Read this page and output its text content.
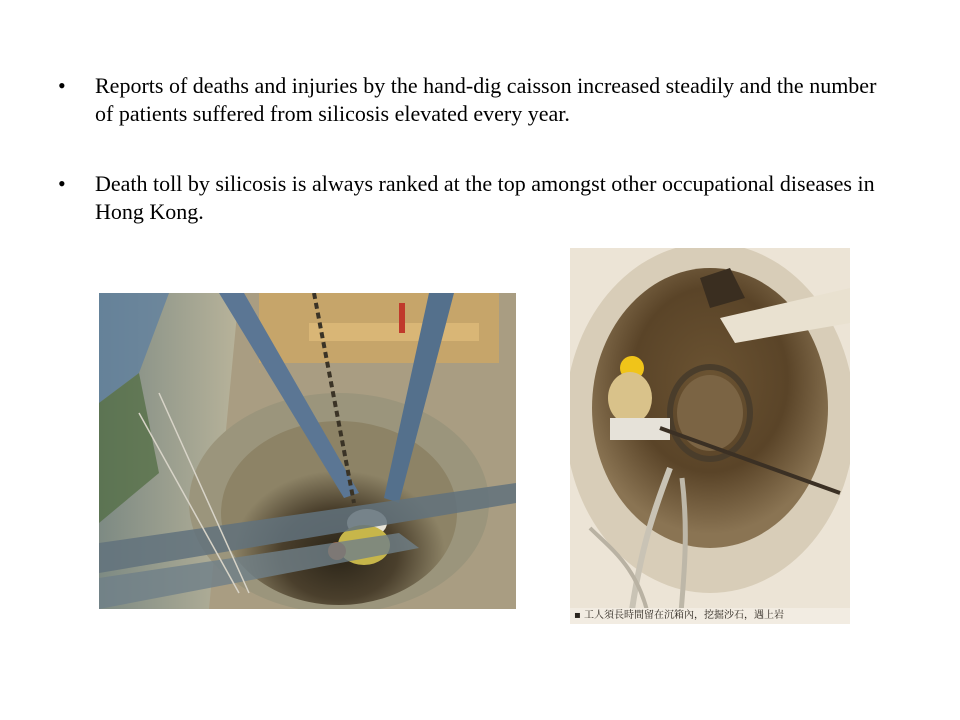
• Reports of deaths and injuries by the hand-dig caisson increased steadily and the number of patients suffered from silicosis elevated every year.
• Death toll by silicosis is always ranked at the top amongst other occupational diseases in Hong Kong.
▪ 工人須長時間留在沉箱內，挖掘沙石，遇上岩
